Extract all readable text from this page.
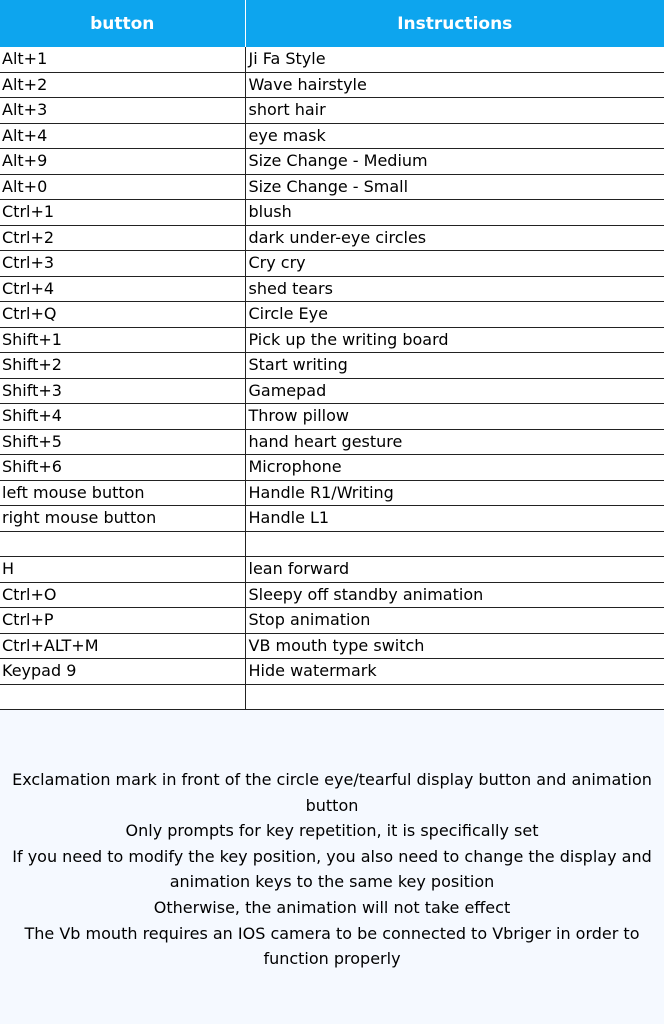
button	Instructions
Alt+1	Ji Fa Style
Alt+2	Wave hairstyle
Alt+3	short hair
Alt+4	eye mask
Alt+9	Size Change - Medium
Alt+0	Size Change - Small
Ctrl+1	blush
Ctrl+2	dark under-eye circles
Ctrl+3	Cry cry
Ctrl+4	shed tears
Ctrl+Q	Circle Eye
Shift+1	Pick up the writing board
Shift+2	Start writing
Shift+3	Gamepad
Shift+4	Throw pillow
Shift+5	hand heart gesture
Shift+6	Microphone
left mouse button	Handle R1/Writing
right mouse button	Handle L1

H	lean forward
Ctrl+O	Sleepy off standby animation
Ctrl+P	Stop animation
Ctrl+ALT+M	VB mouth type switch
Keypad 9	Hide watermark

Exclamation mark in front of the circle eye/tearful display button and animation button

Only prompts for key repetition, it is specifically set

If you need to modify the key position, you also need to change the display and animation keys to the same key position

Otherwise, the animation will not take effect

The Vb mouth requires an IOS camera to be connected to Vbriger in order to function properly
